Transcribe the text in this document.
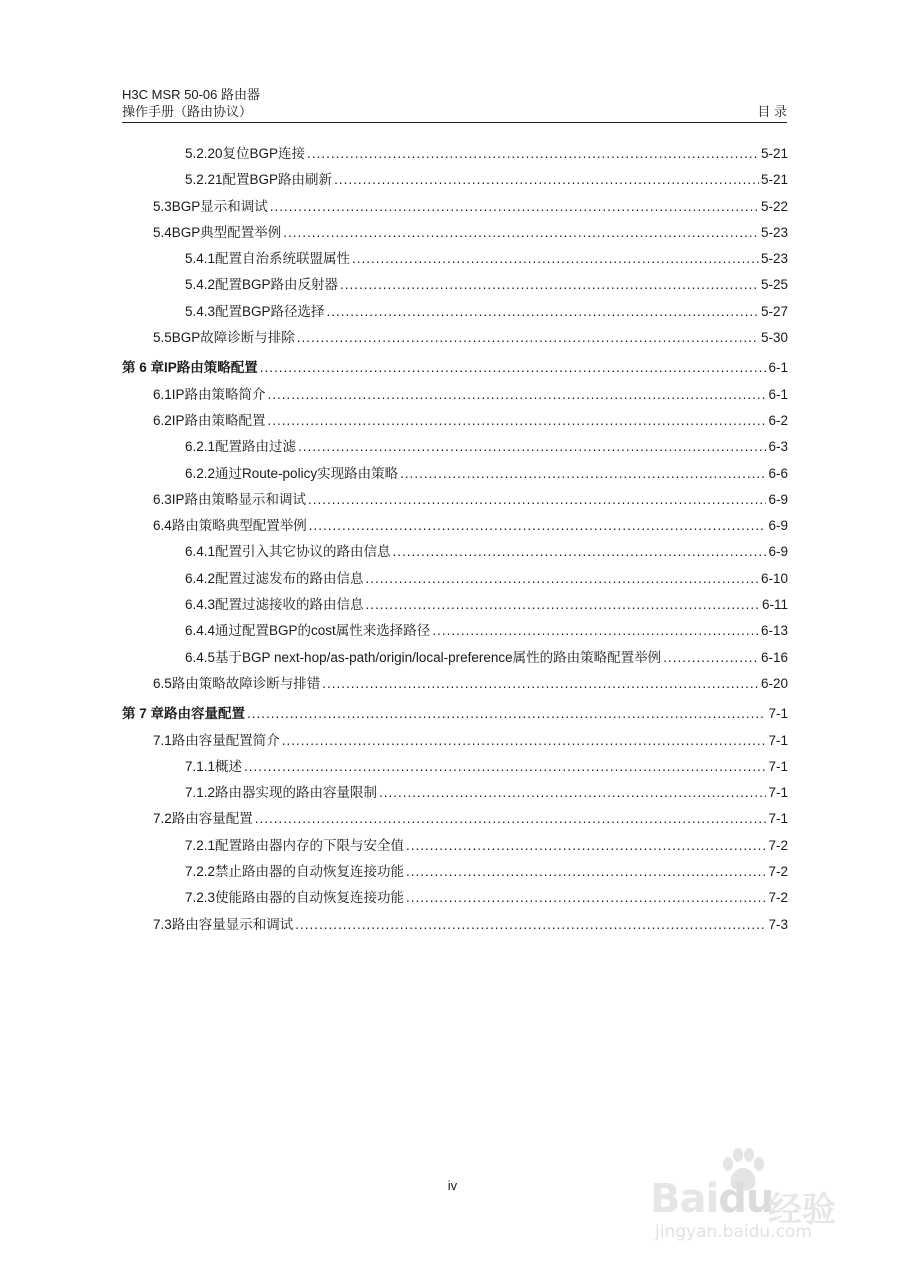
H3C MSR 50-06 路由器
操作手册（路由协议）	目 录
5.2.20 复位BGP连接 .....	5-21
5.2.21 配置BGP路由刷新 .....	5-21
5.3 BGP显示和调试 .....	5-22
5.4 BGP典型配置举例 .....	5-23
5.4.1 配置自治系统联盟属性 .....	5-23
5.4.2 配置BGP路由反射器 .....	5-25
5.4.3 配置BGP路径选择 .....	5-27
5.5 BGP故障诊断与排除 .....	5-30
第 6 章 IP路由策略配置 .....	6-1
6.1 IP路由策略简介 .....	6-1
6.2 IP路由策略配置 .....	6-2
6.2.1 配置路由过滤 .....	6-3
6.2.2 通过Route-policy实现路由策略 .....	6-6
6.3 IP路由策略显示和调试 .....	6-9
6.4 路由策略典型配置举例 .....	6-9
6.4.1 配置引入其它协议的路由信息 .....	6-9
6.4.2 配置过滤发布的路由信息 .....	6-10
6.4.3 配置过滤接收的路由信息 .....	6-11
6.4.4 通过配置BGP的cost属性来选择路径 .....	6-13
6.4.5 基于BGP next-hop/as-path/origin/local-preference属性的路由策略配置举例 .....	6-16
6.5 路由策略故障诊断与排错 .....	6-20
第 7 章 路由容量配置 .....	7-1
7.1 路由容量配置简介 .....	7-1
7.1.1 概述 .....	7-1
7.1.2 路由器实现的路由容量限制 .....	7-1
7.2 路由容量配置 .....	7-1
7.2.1 配置路由器内存的下限与安全值 .....	7-2
7.2.2 禁止路由器的自动恢复连接功能 .....	7-2
7.2.3 使能路由器的自动恢复连接功能 .....	7-2
7.3 路由容量显示和调试 .....	7-3
iv	Baidu
经验
jingyan.baidu.com
